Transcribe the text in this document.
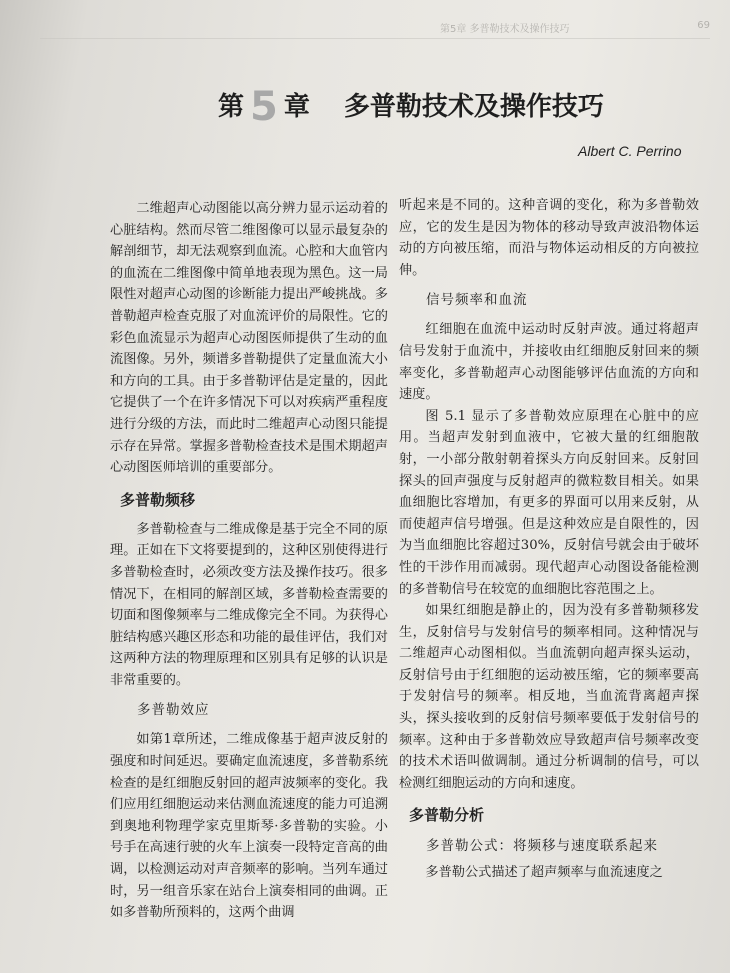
第5章 多普勒技术及操作技巧	69
第 5 章 多普勒技术及操作技巧
Albert C. Perrino

二维超声心动图能以高分辨力显示运动着的心脏结构。然而尽管二维图像可以显示最复杂的解剖细节，却无法观察到血流。心腔和大血管内的血流在二维图像中简单地表现为黑色。这一局限性对超声心动图的诊断能力提出严峻挑战。多普勒超声检查克服了对血流评价的局限性。它的彩色血流显示为超声心动图医师提供了生动的血流图像。另外，频谱多普勒提供了定量血流大小和方向的工具。由于多普勒评估是定量的，因此它提供了一个在许多情况下可以对疾病严重程度进行分级的方法，而此时二维超声心动图只能提示存在异常。掌握多普勒检查技术是围术期超声心动图医师培训的重要部分。

多普勒频移

多普勒检查与二维成像是基于完全不同的原理。正如在下文将要提到的，这种区别使得进行多普勒检查时，必须改变方法及操作技巧。很多情况下，在相同的解剖区域，多普勒检查需要的切面和图像频率与二维成像完全不同。为获得心脏结构感兴趣区形态和功能的最佳评估，我们对这两种方法的物理原理和区别具有足够的认识是非常重要的。

多普勒效应

如第1章所述，二维成像基于超声波反射的强度和时间延迟。要确定血流速度，多普勒系统检查的是红细胞反射回的超声波频率的变化。我们应用红细胞运动来估测血流速度的能力可追溯到奥地利物理学家克里斯琴·多普勒的实验。小号手在高速行驶的火车上演奏一段特定音高的曲调，以检测运动对声音频率的影响。当列车通过时，另一组音乐家在站台上演奏相同的曲调。正如多普勒所预料的，这两个曲调

听起来是不同的。这种音调的变化，称为多普勒效应，它的发生是因为物体的移动导致声波沿物体运动的方向被压缩，而沿与物体运动相反的方向被拉伸。

信号频率和血流

红细胞在血流中运动时反射声波。通过将超声信号发射于血流中，并接收由红细胞反射回来的频率变化，多普勒超声心动图能够评估血流的方向和速度。

图 5.1 显示了多普勒效应原理在心脏中的应用。当超声发射到血液中，它被大量的红细胞散射，一小部分散射朝着探头方向反射回来。反射回探头的回声强度与反射超声的微粒数目相关。如果血细胞比容增加，有更多的界面可以用来反射，从而使超声信号增强。但是这种效应是自限性的，因为当血细胞比容超过30%，反射信号就会由于破坏性的干涉作用而减弱。现代超声心动图设备能检测的多普勒信号在较宽的血细胞比容范围之上。

如果红细胞是静止的，因为没有多普勒频移发生，反射信号与发射信号的频率相同。这种情况与二维超声心动图相似。当血流朝向超声探头运动，反射信号由于红细胞的运动被压缩，它的频率要高于发射信号的频率。相反地，当血流背离超声探头，探头接收到的反射信号频率要低于发射信号的频率。这种由于多普勒效应导致超声信号频率改变的技术术语叫做调制。通过分析调制的信号，可以检测红细胞运动的方向和速度。

多普勒分析
多普勒公式：将频移与速度联系起来

多普勒公式描述了超声频率与血流速度之
